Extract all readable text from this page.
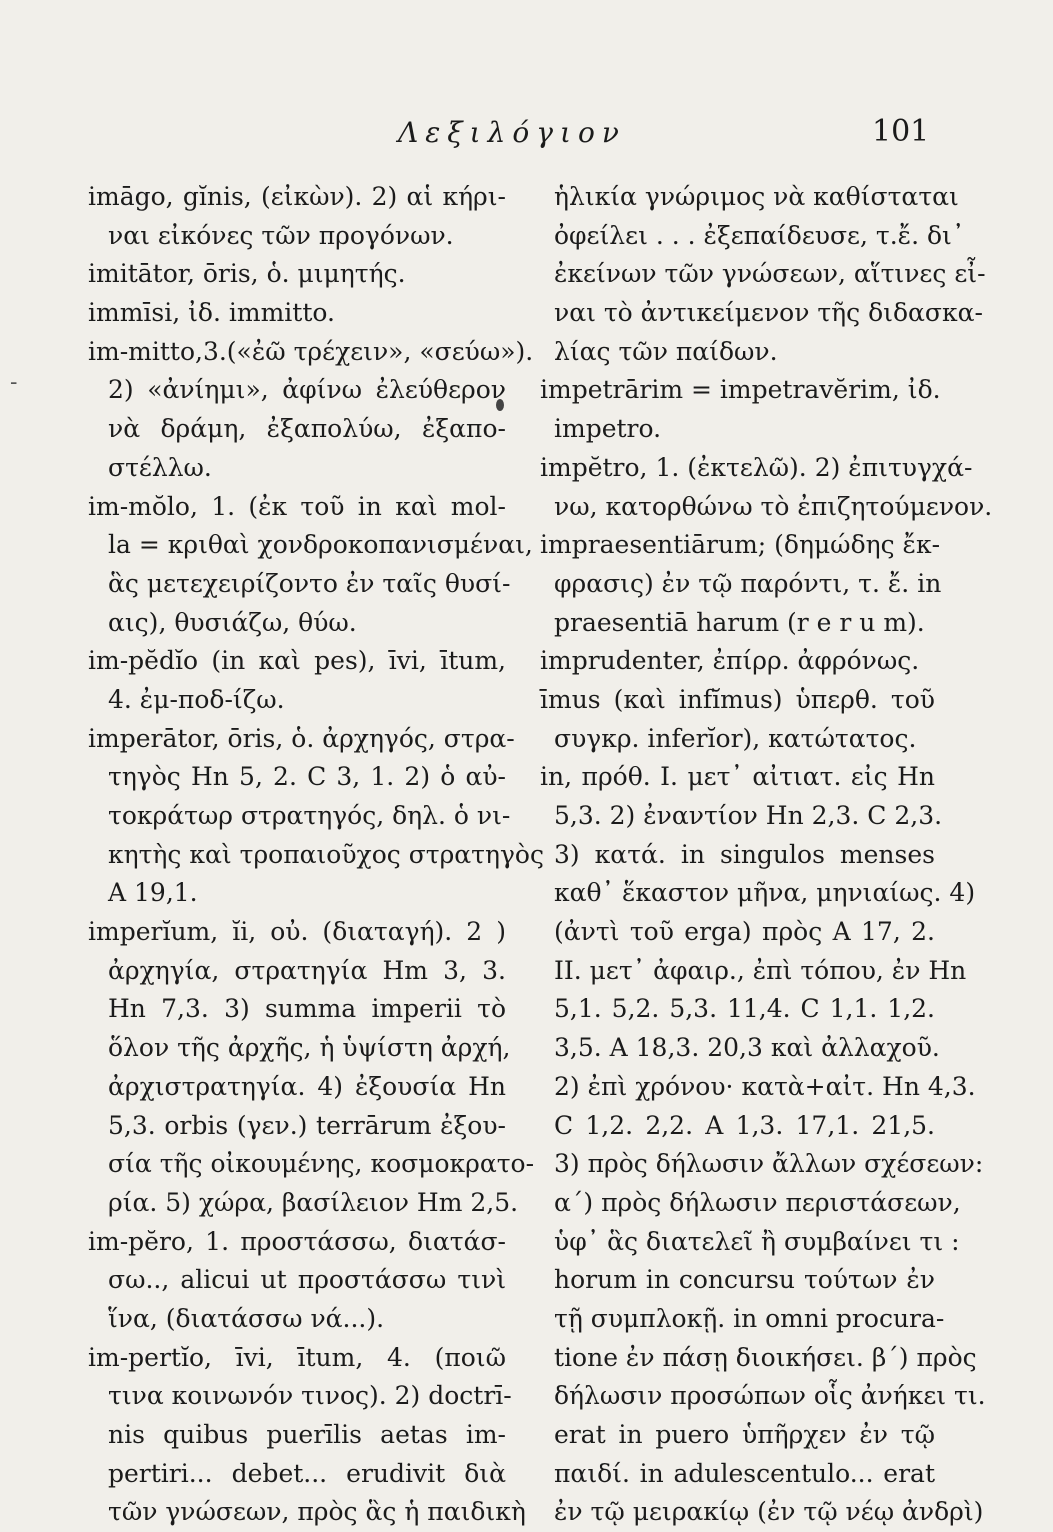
Λεξιλόγιον	101
-
imāgo, gĭnis, (εἰκὼν). 2) αἱ κήρι-
ναι εἰκόνες τῶν προγόνων.
imitātor, ōris, ὁ. μιμητής.
immīsi, ἰδ. immitto.
im-mitto,3.(«ἐῶ τρέχειν», «σεύω»).
2) «ἀνίημι», ἀφίνω ἐλεύθερον
νὰ δράμη, ἐξαπολύω, ἐξαπο-
στέλλω.
im-mŏlo, 1. (ἐκ τοῦ in καὶ mol-
la = κριθαὶ χονδροκοπανισμέναι,
ἃς μετεχειρίζοντο ἐν ταῖς θυσί-
αις), θυσιάζω, θύω.
im-pĕdĭo (in καὶ pes), īvi, ītum,
4. ἐμ-ποδ-ίζω.
imperātor, ōris, ὁ. ἀρχηγός, στρα-
τηγὸς Hn 5, 2. C 3, 1. 2) ὁ αὐ-
τοκράτωρ στρατηγός, δηλ. ὁ νι-
κητὴς καὶ τροπαιοῦχος στρατηγὸς
A 19,1.
imperĭum, ĭi, οὐ. (διαταγή). 2 )
ἀρχηγία, στρατηγία Hm 3, 3.
Hn 7,3. 3) summa imperii τὸ
ὅλον τῆς ἀρχῆς, ἡ ὑψίστη ἀρχή,
ἀρχιστρατηγία. 4) ἐξουσία Hn
5,3. orbis (γεν.) terrārum ἐξου-
σία τῆς οἰκουμένης, κοσμοκρατο-
ρία. 5) χώρα, βασίλειον Hm 2,5.
im-pĕro, 1. προστάσσω, διατάσ-
σω.., alicui ut προστάσσω τινὶ
ἵνα, (διατάσσω νά...).
im-pertĭo, īvi, ītum, 4. (ποιῶ
τινα κοινωνόν τινος). 2) doctrī-
nis quibus puerīlis aetas im-
pertiri... debet... erudivit διὰ
τῶν γνώσεων, πρὸς ἃς ἡ παιδικὴ
ἡλικία γνώριμος νὰ καθίσταται
ὀφείλει . . . ἐξεπαίδευσε, τ.ἔ. δι᾿
ἐκείνων τῶν γνώσεων, αἵτινες εἶ-
ναι τὸ ἀντικείμενον τῆς διδασκα-
λίας τῶν παίδων.
impetrārim = impetravĕrim, ἰδ.
impetro.
impĕtro, 1. (ἐκτελῶ). 2) ἐπιτυγχά-
νω, κατορθώνω τὸ ἐπιζητούμενον.
impraesentiārum; (δημώδης ἔκ-
φρασις) ἐν τῷ παρόντι, τ. ἔ. in
praesentiā harum (r e r u m).
imprudenter, ἐπίρρ. ἀφρόνως.
īmus (καὶ infĭmus) ὑπερθ. τοῦ
συγκρ. inferĭor), κατώτατος.
in, πρόθ. I. μετ᾿ αἰτιατ. εἰς Hn
5,3. 2) ἐναντίον Hn 2,3. C 2,3.
3) κατά. in singulos menses
καθ᾿ ἕκαστον μῆνα, μηνιαίως. 4)
(ἀντὶ τοῦ erga) πρὸς A 17, 2.
II. μετ᾿ ἀφαιρ., ἐπὶ τόπου, ἐν Hn
5,1. 5,2. 5,3. 11,4. C 1,1. 1,2.
3,5. A 18,3. 20,3 καὶ ἀλλαχοῦ.
2) ἐπὶ χρόνου· κατὰ+αἰτ. Hn 4,3.
C 1,2. 2,2. A 1,3. 17,1. 21,5.
3) πρὸς δήλωσιν ἄλλων σχέσεων:
α΄) πρὸς δήλωσιν περιστάσεων,
ὑφ᾿ ἃς διατελεῖ ἢ συμβαίνει τι :
horum in concursu τούτων ἐν
τῇ συμπλοκῇ. in omni procura-
tione ἐν πάσῃ διοικήσει. β΄) πρὸς
δήλωσιν προσώπων οἷς ἀνήκει τι.
erat in puero ὑπῆρχεν ἐν τῷ
παιδί. in adulescentulo... erat
ἐν τῷ μειρακίῳ (ἐν τῷ νέῳ ἀνδρὶ)
